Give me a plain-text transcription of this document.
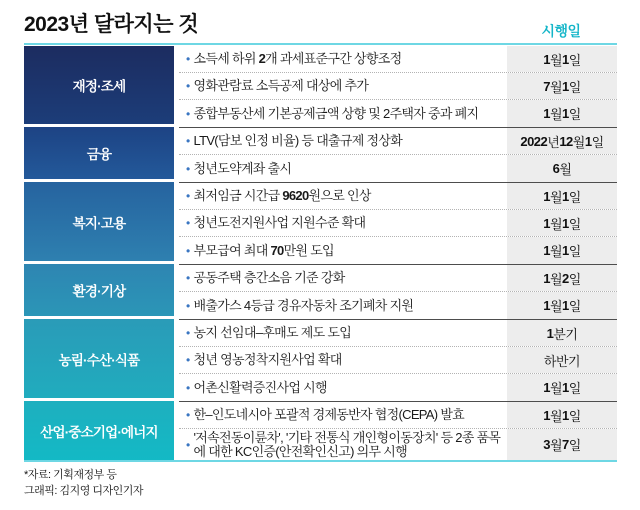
2023년 달라지는 것	시행일
재정·조세
• 소득세 하위 2개 과세표준구간 상향조정	1 월 1 일
• 영화관람료 소득공제 대상에 추가	7 월 1 일
• 종합부동산세 기본공제금액 상향 및 2주택자 중과 폐지	1 월 1 일
금융
• LTV(담보 인정 비율) 등 대출규제 정상화	2022 년 12 월 1 일
• 청년도약계좌 출시	6 월
복지·고용
• 최저임금 시간급 9620원으로 인상	1 월 1 일
• 청년도전지원사업 지원수준 확대	1 월 1 일
• 부모급여 최대 70만원 도입	1 월 1 일
환경·기상
• 공동주택 층간소음 기준 강화	1 월 2 일
• 배출가스 4등급 경유자동차 조기폐차 지원	1 월 1 일
농림·수산·식품
• 농지 선임대–후매도 제도 도입	1 분기
• 청년 영농정착지원사업 확대	하반기
• 어촌신활력증진사업 시행	1 월 1 일
산업·중소기업·에너지
• 한–인도네시아 포괄적 경제동반자 협정(CEPA) 발효	1 월 1 일
• '저속전동이륜차', '기타 전통식 개인형이동장치' 등 2종 품목에 대한 KC인증(안전확인신고) 의무 시행	3 월 7 일
*자료: 기획재정부 등
그래픽: 김지영 디자인기자
